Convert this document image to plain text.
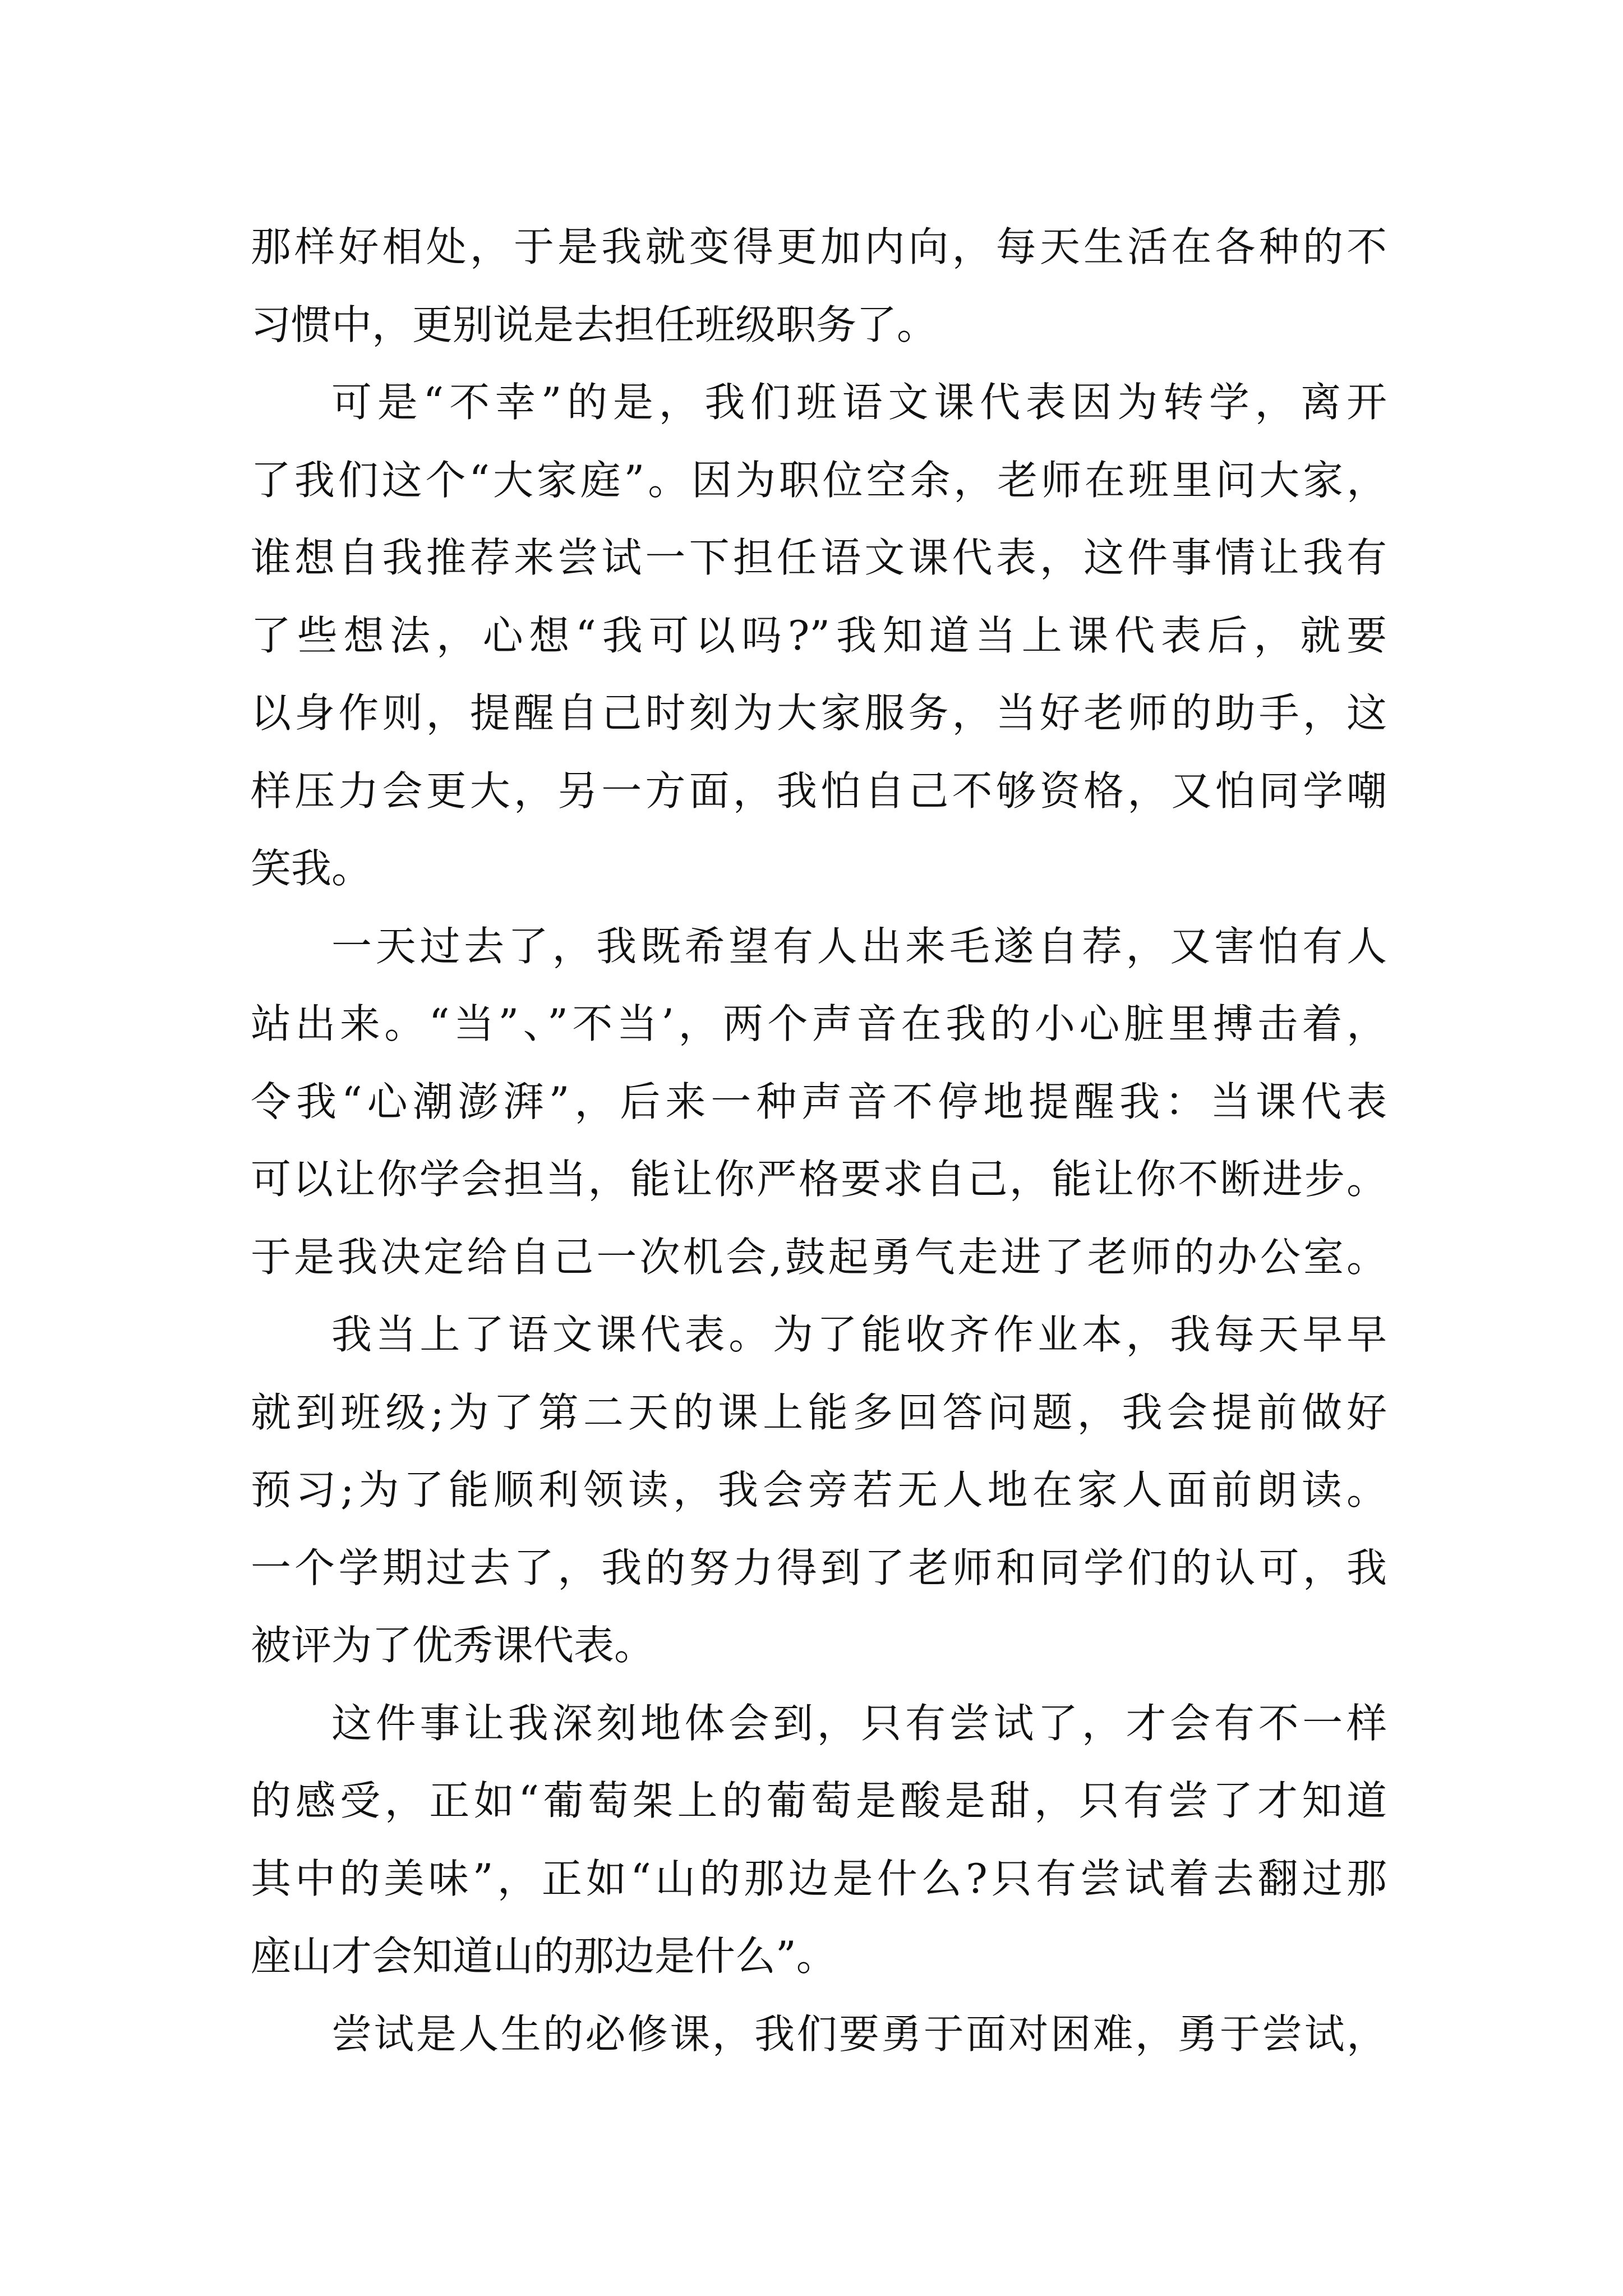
那样好相处，于是我就变得更加内向，每天生活在各种的不
习惯中，更别说是去担任班级职务了。
可是“不幸”的是，我们班语文课代表因为转学，离开
了我们这个“大家庭”。因为职位空余，老师在班里问大家，
谁想自我推荐来尝试一下担任语文课代表，这件事情让我有
了些想法，心想“我可以吗?”我知道当上课代表后，就要
以身作则，提醒自己时刻为大家服务，当好老师的助手，这
样压力会更大，另一方面，我怕自己不够资格，又怕同学嘲
笑我。
一天过去了，我既希望有人出来毛遂自荐，又害怕有人
站出来。“当”、”不当’，两个声音在我的小心脏里搏击着，
令我“心潮澎湃”，后来一种声音不停地提醒我：当课代表
可以让你学会担当，能让你严格要求自己，能让你不断进步。
于是我决定给自己一次机会,鼓起勇气走进了老师的办公室。
我当上了语文课代表。为了能收齐作业本，我每天早早
就到班级;为了第二天的课上能多回答问题，我会提前做好
预习;为了能顺利领读，我会旁若无人地在家人面前朗读。
一个学期过去了，我的努力得到了老师和同学们的认可，我
被评为了优秀课代表。
这件事让我深刻地体会到，只有尝试了，才会有不一样
的感受，正如“葡萄架上的葡萄是酸是甜，只有尝了才知道
其中的美味”，正如“山的那边是什么?只有尝试着去翻过那
座山才会知道山的那边是什么”。
尝试是人生的必修课，我们要勇于面对困难，勇于尝试，
